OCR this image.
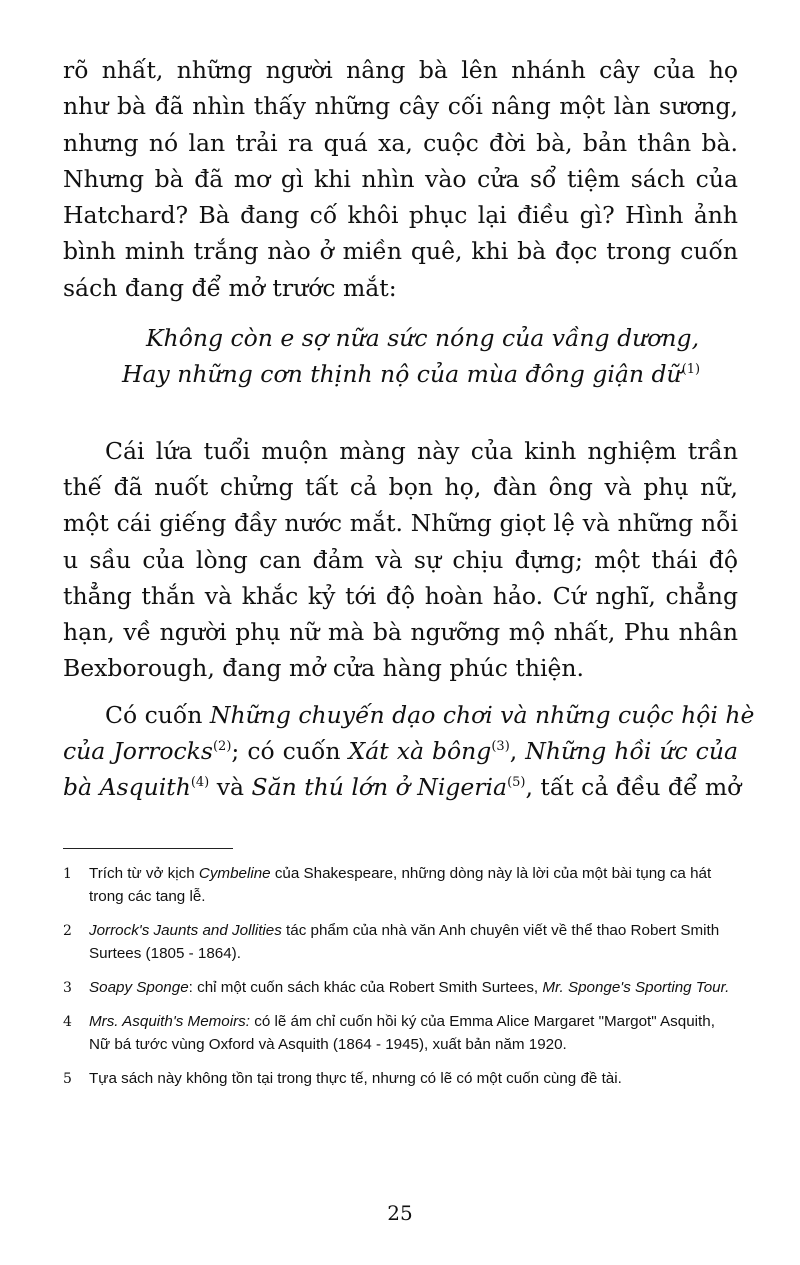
rõ nhất, những người nâng bà lên nhánh cây của họ
như bà đã nhìn thấy những cây cối nâng một làn sương,
nhưng nó lan trải ra quá xa, cuộc đời bà, bản thân bà.
Nhưng bà đã mơ gì khi nhìn vào cửa sổ tiệm sách của
Hatchard? Bà đang cố khôi phục lại điều gì? Hình ảnh
bình minh trắng nào ở miền quê, khi bà đọc trong cuốn
sách đang để mở trước mắt:

Không còn e sợ nữa sức nóng của vầng dương,
Hay những cơn thịnh nộ của mùa đông giận dữ$^{(1)}$

Cái lứa tuổi muộn màng này của kinh nghiệm trần
thế đã nuốt chửng tất cả bọn họ, đàn ông và phụ nữ,
một cái giếng đầy nước mắt. Những giọt lệ và những nỗi
u sầu của lòng can đảm và sự chịu đựng; một thái độ
thẳng thắn và khắc kỷ tới độ hoàn hảo. Cứ nghĩ, chẳng
hạn, về người phụ nữ mà bà ngưỡng mộ nhất, Phu nhân
Bexborough, đang mở cửa hàng phúc thiện.

Có cuốn Những chuyến dạo chơi và những cuộc hội hè
của Jorrocks$^{(2)}$; có cuốn Xát xà bông$^{(3)}$, Những hồi ức của
bà Asquith$^{(4)}$ và Săn thú lớn ở Nigeria$^{(5)}$, tất cả đều để mở

1 Trích từ vở kịch Cymbeline của Shakespeare, những dòng này là lời của một bài tụng ca hát trong các tang lễ.
2 Jorrock's Jaunts and Jollities tác phẩm của nhà văn Anh chuyên viết về thể thao Robert Smith Surtees (1805 - 1864).
3 Soapy Sponge: chỉ một cuốn sách khác của Robert Smith Surtees, Mr. Sponge's Sporting Tour.
4 Mrs. Asquith's Memoirs: có lẽ ám chỉ cuốn hồi ký của Emma Alice Margaret "Margot" Asquith, Nữ bá tước vùng Oxford và Asquith (1864 - 1945), xuất bản năm 1920.
5 Tựa sách này không tồn tại trong thực tế, nhưng có lẽ có một cuốn cùng đề tài.
25
